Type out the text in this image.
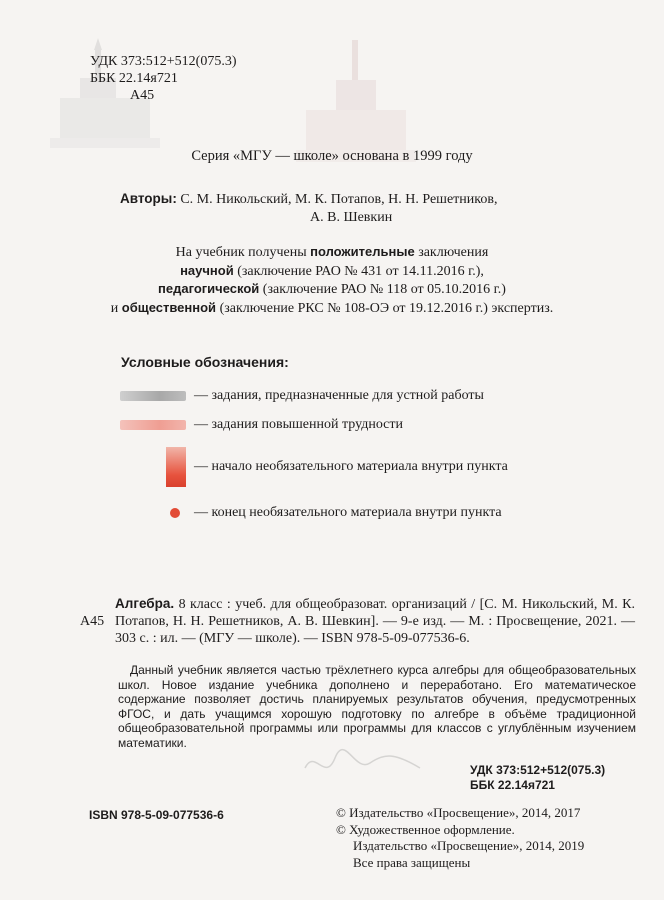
УДК 373:512+512(075.3)
ББК 22.14я721
А45
Серия «МГУ — школе» основана в 1999 году
Авторы: С. М. Никольский, М. К. Потапов, Н. Н. Решетников,
А. В. Шевкин
На учебник получены положительные заключения
научной (заключение РАО № 431 от 14.11.2016 г.),
педагогической (заключение РАО № 118 от 05.10.2016 г.)
и общественной (заключение РКС № 108-ОЭ от 19.12.2016 г.) экспертиз.
Условные обозначения:
— задания, предназначенные для устной работы
— задания повышенной трудности
— начало необязательного материала внутри пункта
— конец необязательного материала внутри пункта
А45
Алгебра. 8 класс : учеб. для общеобразоват. организаций / [С. М. Никольский, М. К. Потапов, Н. Н. Решетников, А. В. Шевкин]. — 9-е изд. — М. : Просвещение, 2021. — 303 с. : ил. — (МГУ — школе). — ISBN 978-5-09-077536-6.
Данный учебник является частью трёхлетнего курса алгебры для общеобразовательных школ. Новое издание учебника дополнено и переработано. Его математическое содержание позволяет достичь планируемых результатов обучения, предусмотренных ФГОС, и дать учащимся хорошую подготовку по алгебре в объёме традиционной общеобразовательной программы или программы для классов с углублённым изучением математики.
УДК 373:512+512(075.3)
ББК 22.14я721
ISBN 978-5-09-077536-6	© Издательство «Просвещение», 2014, 2017
© Художественное оформление.
Издательство «Просвещение», 2014, 2019
Все права защищены
